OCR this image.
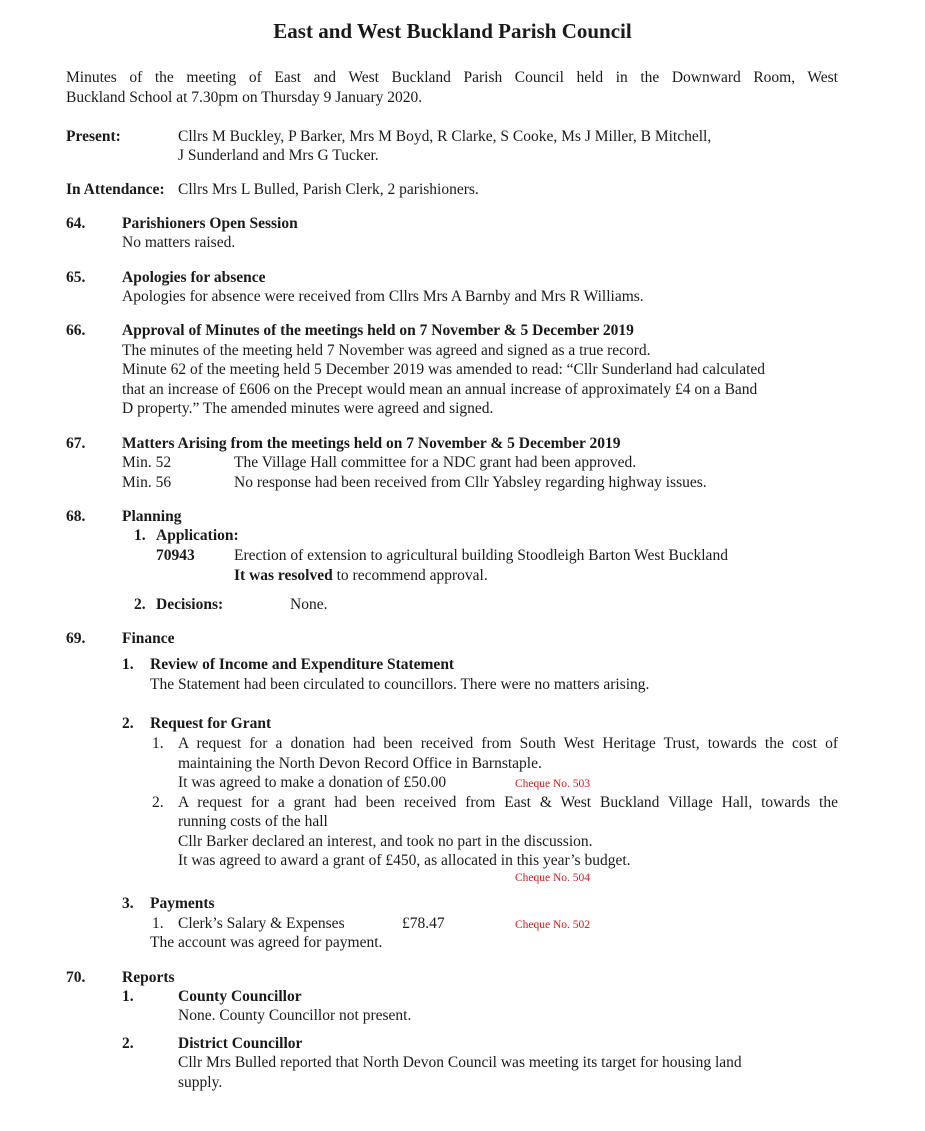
East and West Buckland Parish Council
Minutes of the meeting of East and West Buckland Parish Council held in the Downward Room, West
Buckland School at 7.30pm on Thursday 9 January 2020.
Present:	Cllrs M Buckley, P Barker, Mrs M Boyd, R Clarke, S Cooke, Ms J Miller, B Mitchell,
J Sunderland and Mrs G Tucker.
In Attendance: Cllrs Mrs L Bulled, Parish Clerk, 2 parishioners.
64. Parishioners Open Session
No matters raised.
65. Apologies for absence
Apologies for absence were received from Cllrs Mrs A Barnby and Mrs R Williams.
66. Approval of Minutes of the meetings held on 7 November & 5 December 2019
The minutes of the meeting held 7 November was agreed and signed as a true record.
Minute 62 of the meeting held 5 December 2019 was amended to read: “Cllr Sunderland had calculated
that an increase of £606 on the Precept would mean an annual increase of approximately £4 on a Band
D property.” The amended minutes were agreed and signed.
67. Matters Arising from the meetings held on 7 November & 5 December 2019
Min. 52	The Village Hall committee for a NDC grant had been approved.
Min. 56	No response had been received from Cllr Yabsley regarding highway issues.
68. Planning
1. Application:
70943	Erection of extension to agricultural building Stoodleigh Barton West Buckland
It was resolved to recommend approval.
2. Decisions:	None.
69. Finance
1. Review of Income and Expenditure Statement
The Statement had been circulated to councillors. There were no matters arising.
2. Request for Grant
1. A request for a donation had been received from South West Heritage Trust, towards the cost of
maintaining the North Devon Record Office in Barnstaple.
It was agreed to make a donation of £50.00	Cheque No. 503
2. A request for a grant had been received from East & West Buckland Village Hall, towards the
running costs of the hall
Cllr Barker declared an interest, and took no part in the discussion.
It was agreed to award a grant of £450, as allocated in this year’s budget.
Cheque No. 504
3. Payments
1. Clerk’s Salary & Expenses	£78.47	Cheque No. 502
The account was agreed for payment.
70. Reports
1.	County Councillor
None. County Councillor not present.
2.	District Councillor
Cllr Mrs Bulled reported that North Devon Council was meeting its target for housing land
supply.
